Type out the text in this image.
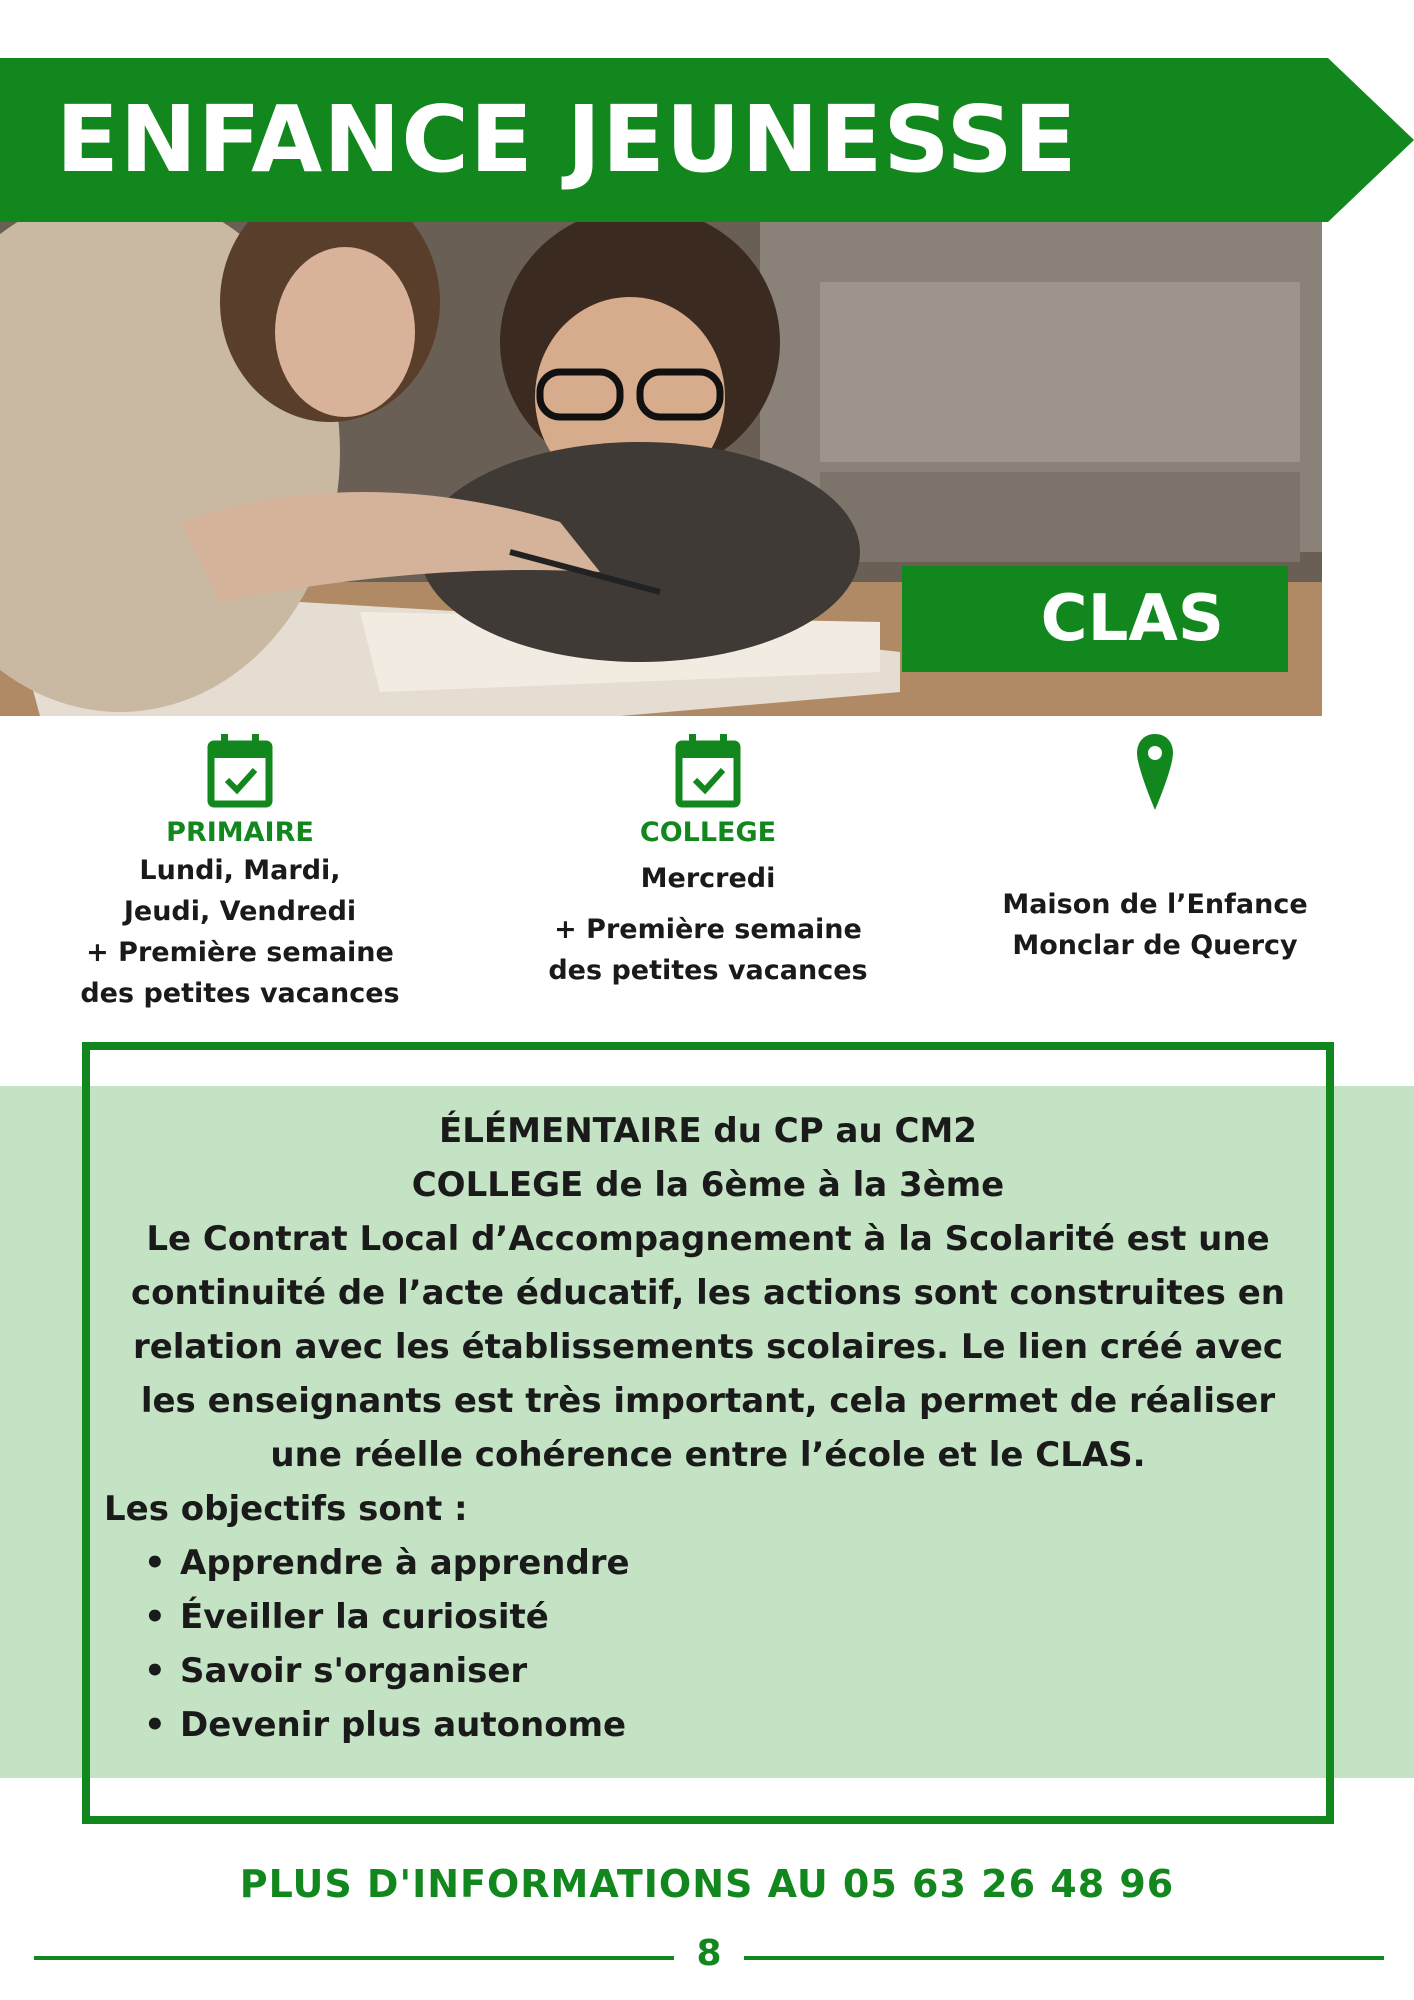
ENFANCE JEUNESSE
CLAS
PRIMAIRE
Lundi, Mardi,
Jeudi, Vendredi
+ Première semaine
des petites vacances
COLLEGE
Mercredi
+ Première semaine
des petites vacances
Maison de l’Enfance
Monclar de Quercy
ÉLÉMENTAIRE du CP au CM2
COLLEGE de la 6ème à la 3ème
Le Contrat Local d’Accompagnement à la Scolarité est une continuité de l’acte éducatif, les actions sont construites en relation avec les établissements scolaires. Le lien créé avec les enseignants est très important, cela permet de réaliser une réelle cohérence entre l’école et le CLAS.
Les objectifs sont :
• Apprendre à apprendre
• Éveiller la curiosité
• Savoir s'organiser
• Devenir plus autonome
PLUS D'INFORMATIONS AU 05 63 26 48 96
8
